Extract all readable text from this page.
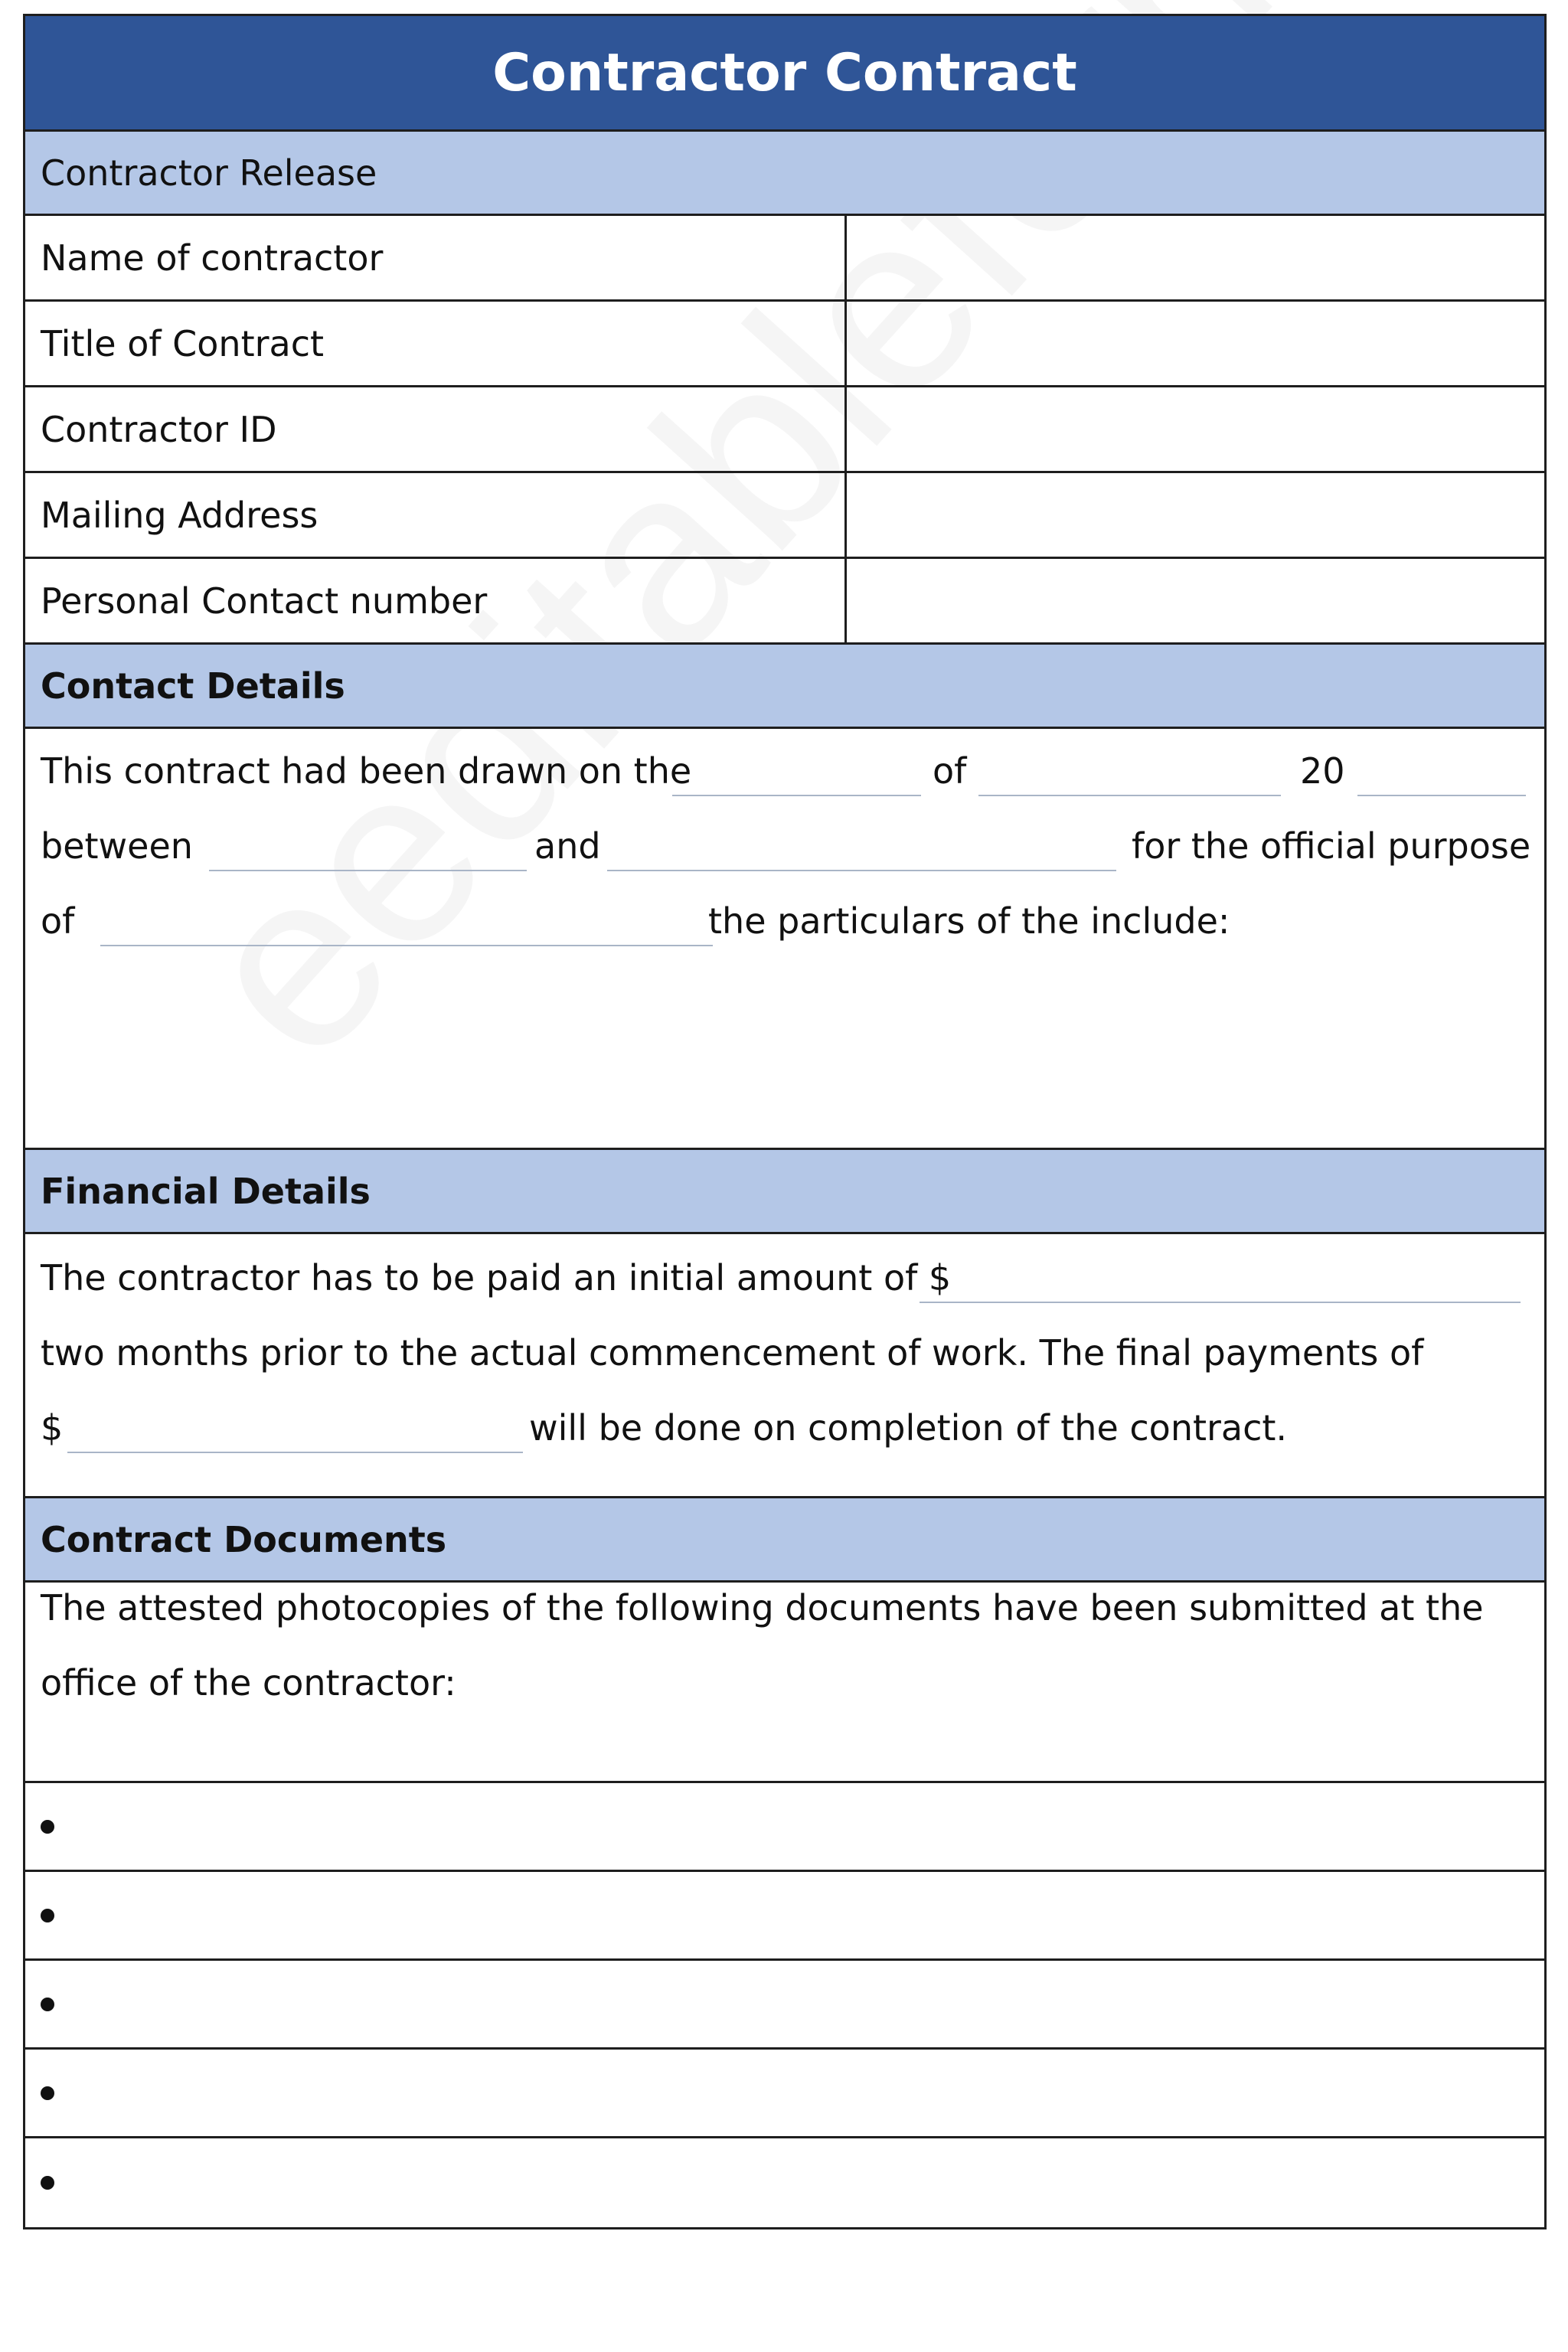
Contractor Contract
Contractor Release
Name of contractor
Title of Contract
Contractor ID
Mailing Address
Personal Contact number
Contact Details
This contract had been drawn on the	of	20
between	and	for the official purpose
of	the particulars of the include:
Financial Details
The contractor has to be paid an initial amount of $
two months prior to the actual commencement of work. The final payments of
$	will be done on completion of the contract.
Contract Documents
The attested photocopies of the following documents have been submitted at the
office of the contractor:
